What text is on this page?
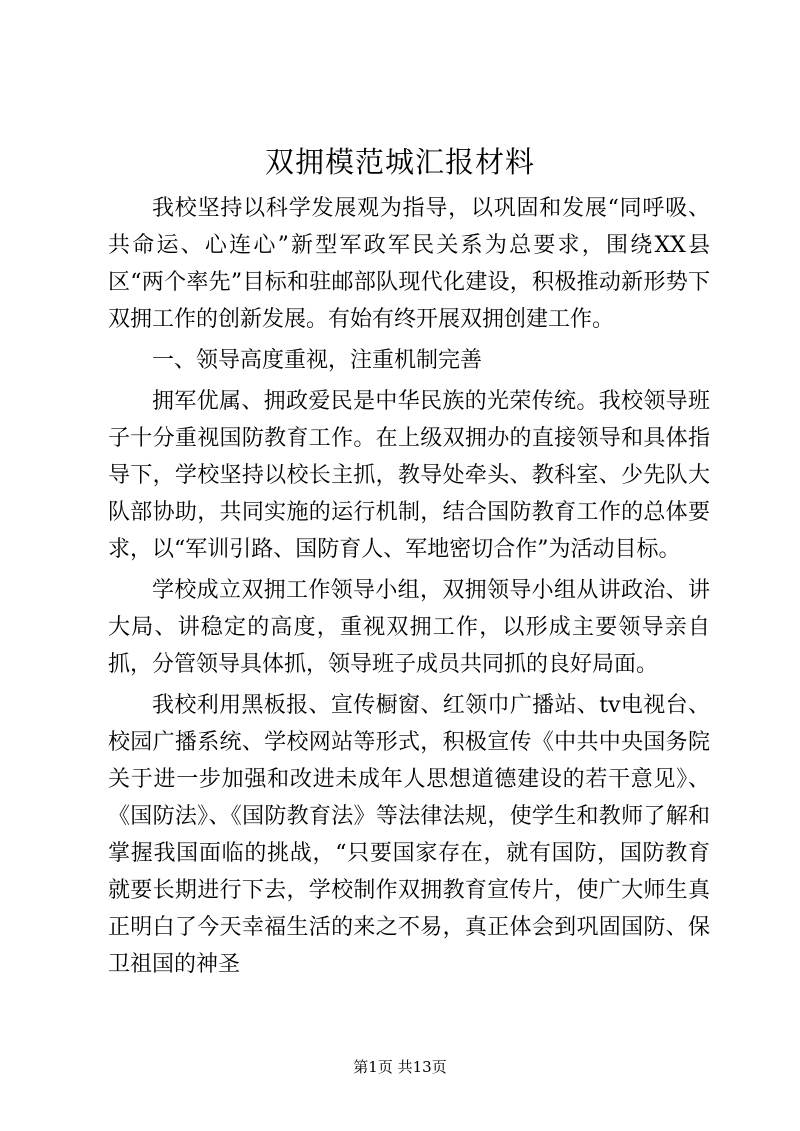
双拥模范城汇报材料

我校坚持以科学发展观为指导，以巩固和发展“同呼吸、共命运、心连心”新型军政军民关系为总要求，围绕XX县区“两个率先”目标和驻邮部队现代化建设，积极推动新形势下双拥工作的创新发展。有始有终开展双拥创建工作。

一、领导高度重视，注重机制完善

拥军优属、拥政爱民是中华民族的光荣传统。我校领导班子十分重视国防教育工作。在上级双拥办的直接领导和具体指导下，学校坚持以校长主抓，教导处牵头、教科室、少先队大队部协助，共同实施的运行机制，结合国防教育工作的总体要求，以“军训引路、国防育人、军地密切合作”为活动目标。

学校成立双拥工作领导小组，双拥领导小组从讲政治、讲大局、讲稳定的高度，重视双拥工作，以形成主要领导亲自抓，分管领导具体抓，领导班子成员共同抓的良好局面。

我校利用黑板报、宣传橱窗、红领巾广播站、tv电视台、校园广播系统、学校网站等形式，积极宣传《中共中央国务院关于进一步加强和改进未成年人思想道德建设的若干意见》、《国防法》、《国防教育法》等法律法规，使学生和教师了解和掌握我国面临的挑战，“只要国家存在，就有国防，国防教育就要长期进行下去，学校制作双拥教育宣传片，使广大师生真正明白了今天幸福生活的来之不易，真正体会到巩固国防、保卫祖国的神圣

第1页 共13页
